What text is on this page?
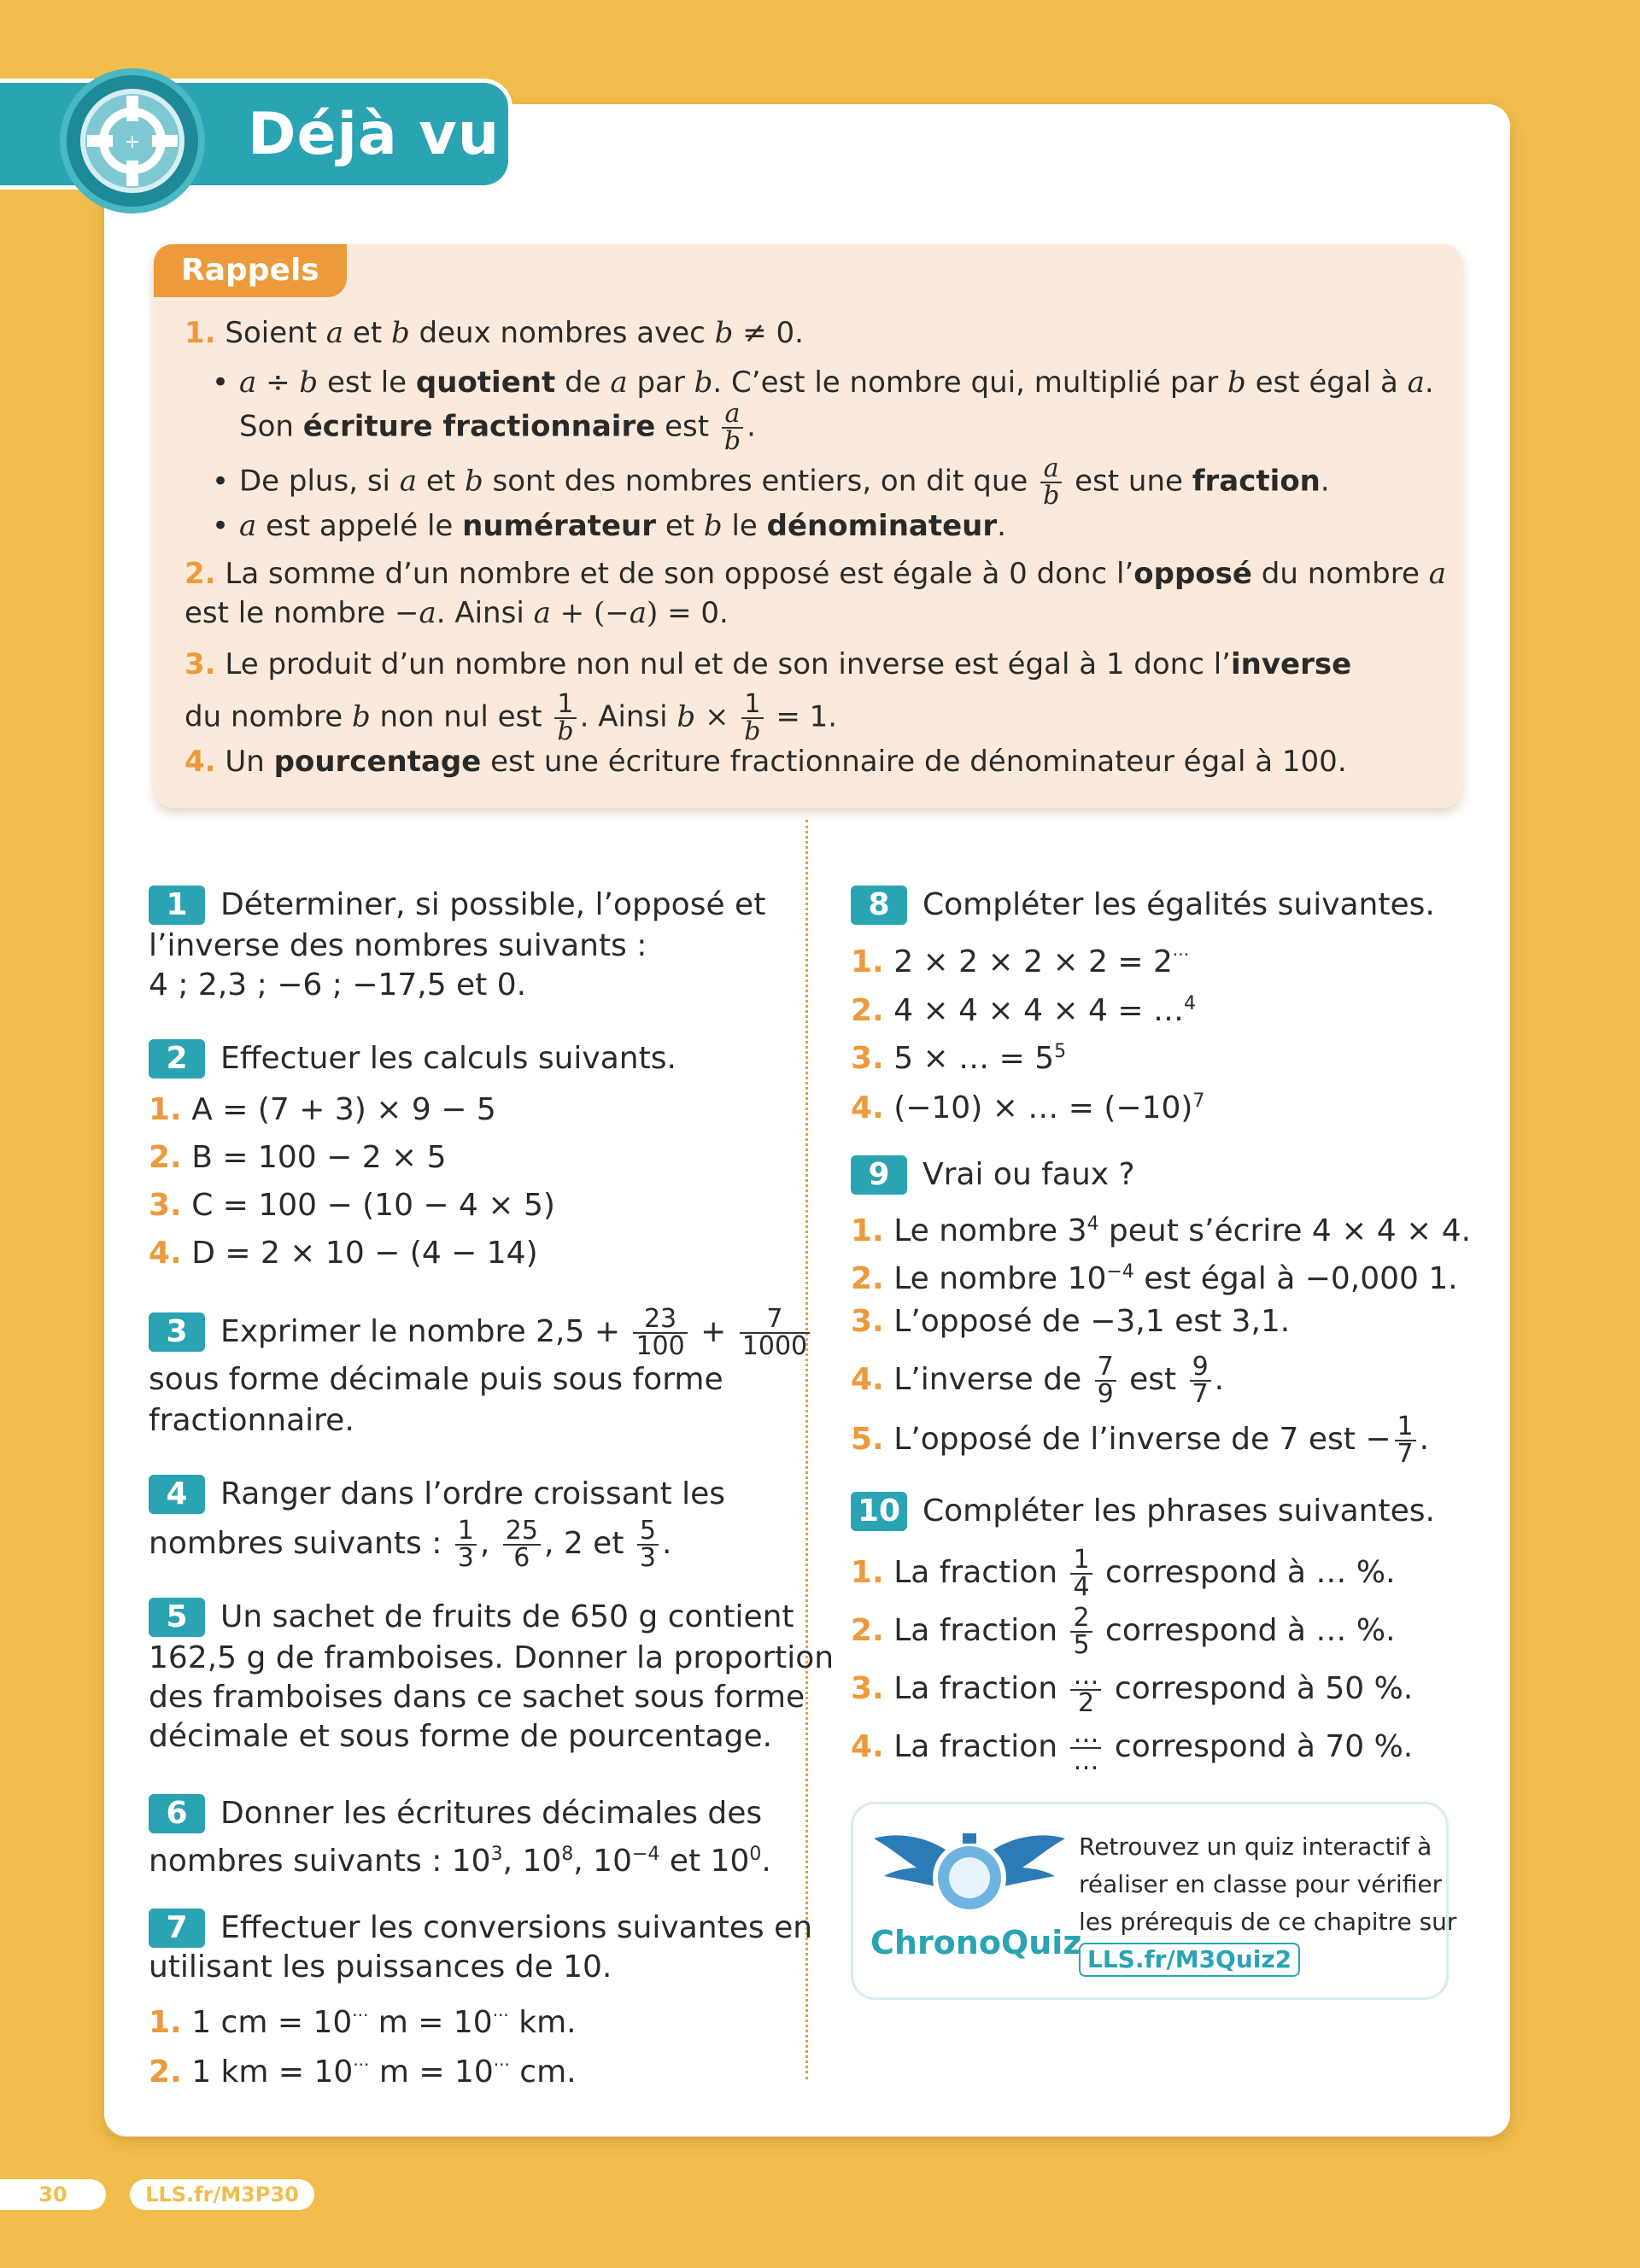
+ Déjà vu
Rappels
1. Soient a et b deux nombres avec b ≠ 0.
• a ÷ b est le quotient de a par b. C’est le nombre qui, multiplié par b est égal à a.
Son écriture fractionnaire est $\frac{a}{b}$ .
• De plus, si a et b sont des nombres entiers, on dit que $\frac{a}{b}$ est une fraction.
• a est appelé le numérateur et b le dénominateur.
2. La somme d’un nombre et de son opposé est égale à 0 donc l’opposé du nombre a
est le nombre −a. Ainsi a + (−a) = 0.
3. Le produit d’un nombre non nul et de son inverse est égal à 1 donc l’inverse
du nombre b non nul est $\frac{1}{b}$ . Ainsi $b \times \frac{1}{b} = 1$.
4. Un pourcentage est une écriture fractionnaire de dénominateur égal à 100.
1 Déterminer, si possible, l’opposé et
l’inverse des nombres suivants :
4 ; 2,3 ; −6 ; −17,5 et 0.
2 Effectuer les calculs suivants.
1. A = (7 + 3) × 9 − 5
2. B = 100 − 2 × 5
3. C = 100 − (10 − 4 × 5)
4. D = 2 × 10 − (4 − 14)
3 Exprimer le nombre $2,5 + \frac{23}{100} + \frac{7}{1000}$
sous forme décimale puis sous forme
fractionnaire.
4 Ranger dans l’ordre croissant les
nombres suivants : $\frac{1}{3}$ , $\frac{25}{6}$ , 2 et $\frac{5}{3}$ .
5 Un sachet de fruits de 650 g contient
162,5 g de framboises. Donner la proportion
des framboises dans ce sachet sous forme
décimale et sous forme de pourcentage.
6 Donner les écritures décimales des
nombres suivants : $10^3$, $10^8$, $10^{-4}$ et $10^0$.
7 Effectuer les conversions suivantes en
utilisant les puissances de 10.
1. 1 cm = 10··· m = 10··· km.
2. 1 km = 10··· m = 10··· cm.
8 Compléter les égalités suivantes.
1. 2 × 2 × 2 × 2 = 2···
2. 4 × 4 × 4 × 4 = …$^4$
3. 5 × … = $5^5$
4. (−10) × … = $(-10)^7$
9 Vrai ou faux ?
1. Le nombre $3^4$ peut s’écrire 4 × 4 × 4.
2. Le nombre $10^{-4}$ est égal à −0,000 1.
3. L’opposé de −3,1 est 3,1.
4. L’inverse de $\frac{7}{9}$ est $\frac{9}{7}$ .
5. L’opposé de l’inverse de 7 est − $\frac{1}{7}$ .
10 Compléter les phrases suivantes.
1. La fraction $\frac{1}{4}$ correspond à … %.
2. La fraction $\frac{2}{5}$ correspond à … %.
3. La fraction $\frac{\dots}{2}$ correspond à 50 %.
4. La fraction $\frac{\dots}{\dots}$ correspond à 70 %.
ChronoQuiz
Retrouvez un quiz interactif à
réaliser en classe pour vérifier
les prérequis de ce chapitre sur
LLS.fr/M3Quiz2
30	LLS.fr/M3P30
